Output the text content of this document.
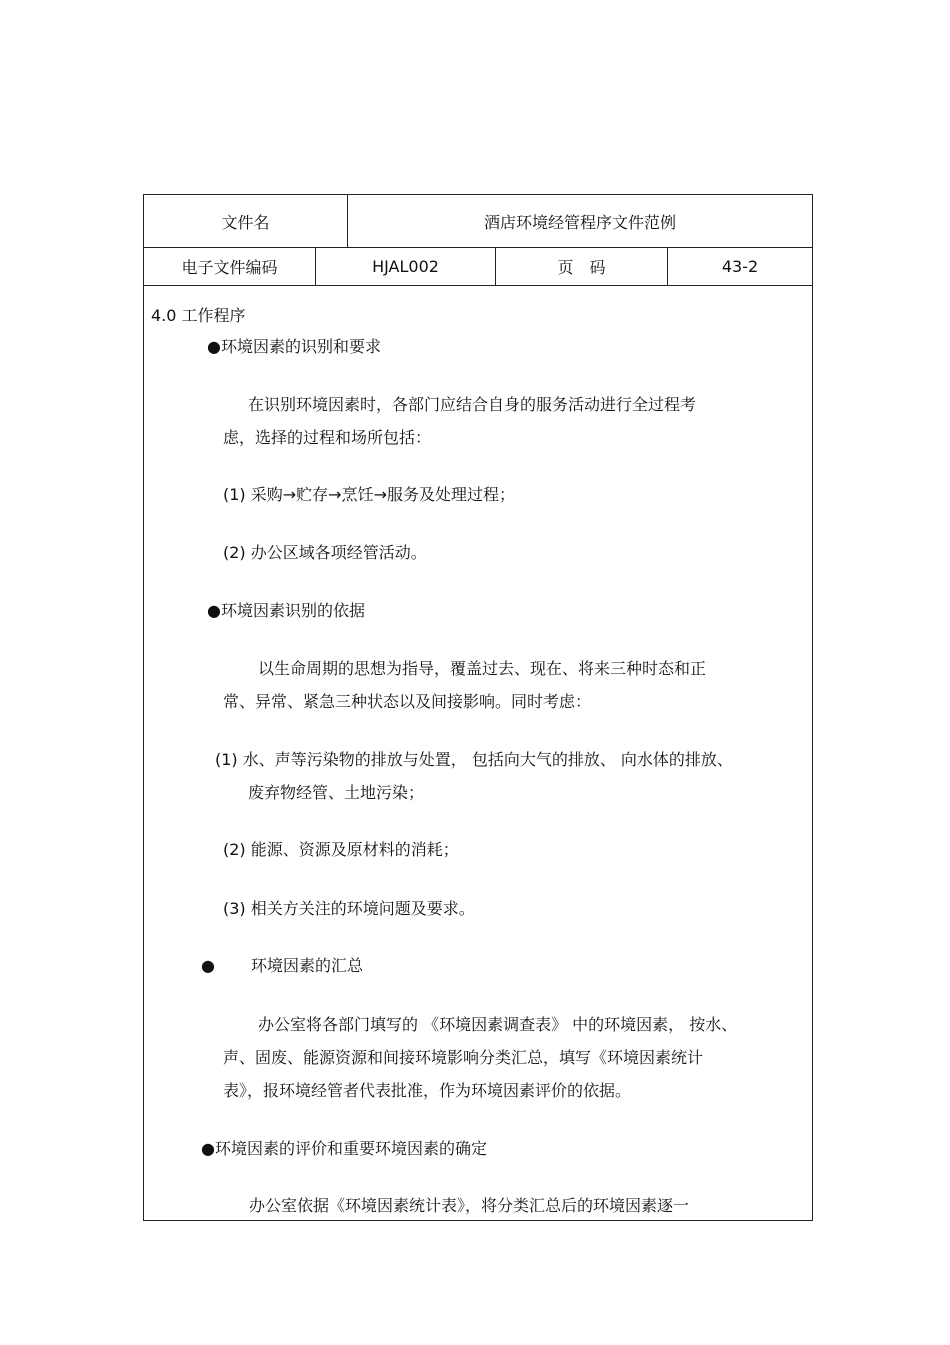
文件名	酒店环境经管程序文件范例
电子文件编码	HJAL002	页　码	43-2
4.0 工作程序
●环境因素的识别和要求
在识别环境因素时，各部门应结合自身的服务活动进行全过程考
虑，选择的过程和场所包括：
(1) 采购→贮存→烹饪→服务及处理过程；
(2) 办公区域各项经管活动。
●环境因素识别的依据
以生命周期的思想为指导，覆盖过去、现在、将来三种时态和正
常、异常、紧急三种状态以及间接影响。同时考虑：
(1) 水、声等污染物的排放与处置， 包括向大气的排放、 向水体的排放、
废弃物经管、土地污染；
(2) 能源、资源及原材料的消耗；
(3) 相关方关注的环境问题及要求。
● 环境因素的汇总
办公室将各部门填写的 《环境因素调查表》 中的环境因素， 按水、
声、固废、能源资源和间接环境影响分类汇总，填写《环境因素统计
表》，报环境经管者代表批准，作为环境因素评价的依据。
●环境因素的评价和重要环境因素的确定
办公室依据《环境因素统计表》，将分类汇总后的环境因素逐一
